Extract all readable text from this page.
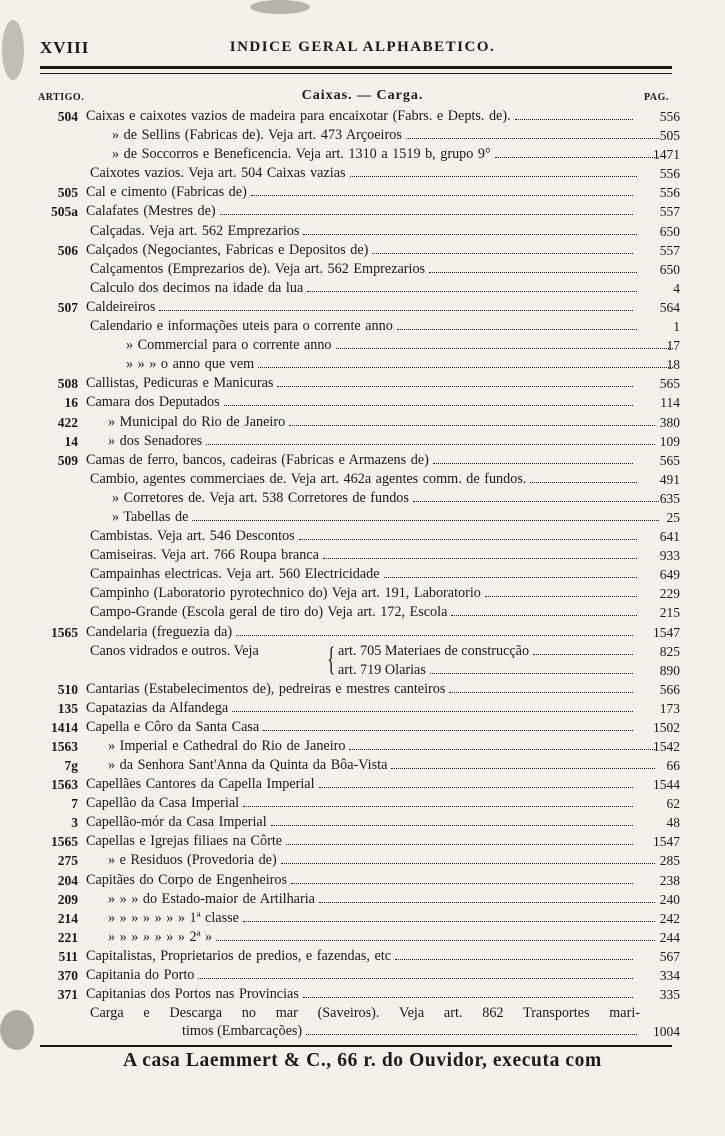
XVIII	INDICE GERAL ALPHABETICO.
ARTIGO.	Caixas. — Carga.	PAG.
504 Caixas e caixotes vazios de madeira para encaixotar (Fabrs. e Depts. de).	556
» de Sellins (Fabricas de). Veja art. 473 Arçoeiros	505
» de Soccorros e Beneficencia. Veja art. 1310 a 1519 b, grupo 9°	1471
Caixotes vazios. Veja art. 504 Caixas vazias	556
505 Cal e cimento (Fabricas de)	556
505a Calafates (Mestres de)	557
Calçadas. Veja art. 562 Emprezarios	650
506 Calçados (Negociantes, Fabricas e Depositos de)	557
Calçamentos (Emprezarios de). Veja art. 562 Emprezarios	650
Calculo dos decimos na idade da lua	4
507 Caldeireiros	564
Calendario e informações uteis para o corrente anno	1
» Commercial para o corrente anno	17
» » » o anno que vem	18
508 Callistas, Pedicuras e Manicuras	565
16 Camara dos Deputados	114
422 » Municipal do Rio de Janeiro	380
14 » dos Senadores	109
509 Camas de ferro, bancos, cadeiras (Fabricas e Armazens de)	565
Cambio, agentes commerciaes de. Veja art. 462a agentes comm. de fundos.	491
» Corretores de. Veja art. 538 Corretores de fundos	635
» Tabellas de	25
Cambistas. Veja art. 546 Descontos	641
Camiseiras. Veja art. 766 Roupa branca	933
Campainhas electricas. Veja art. 560 Electricidade	649
Campinho (Laboratorio pyrotechnico do) Veja art. 191, Laboratorio	229
Campo-Grande (Escola geral de tiro do) Veja art. 172, Escola	215
1565 Candelaria (freguezia da)	1547
Canos vidrados e outros. Veja { art. 705 Materiaes de construcção	825
art. 719 Olarias	890
510 Cantarias (Estabelecimentos de), pedreiras e mestres canteiros	566
135 Capatazias da Alfandega	173
1414 Capella e Côro da Santa Casa	1502
1563 » Imperial e Cathedral do Rio de Janeiro	1542
7g » da Senhora Sant'Anna da Quinta da Bôa-Vista	66
1563 Capellães Cantores da Capella Imperial	1544
7 Capellão da Casa Imperial	62
3 Capellão-mór da Casa Imperial	48
1565 Capellas e Igrejas filiaes na Côrte	1547
275 » e Residuos (Provedoria de)	285
204 Capitães do Corpo de Engenheiros	238
209 » » » do Estado-maior de Artilharia	240
214 » » » » » » » 1ª classe	242
221 » » » » » » » 2ª »	244
511 Capitalistas, Proprietarios de predios, e fazendas, etc	567
370 Capitania do Porto	334
371 Capitanias dos Portos nas Provincias	335
Carga e Descarga no mar (Saveiros). Veja art. 862 Transportes mari-
timos (Embarcações)	1004
A casa Laemmert & C., 66 r. do Ouvidor, executa com
